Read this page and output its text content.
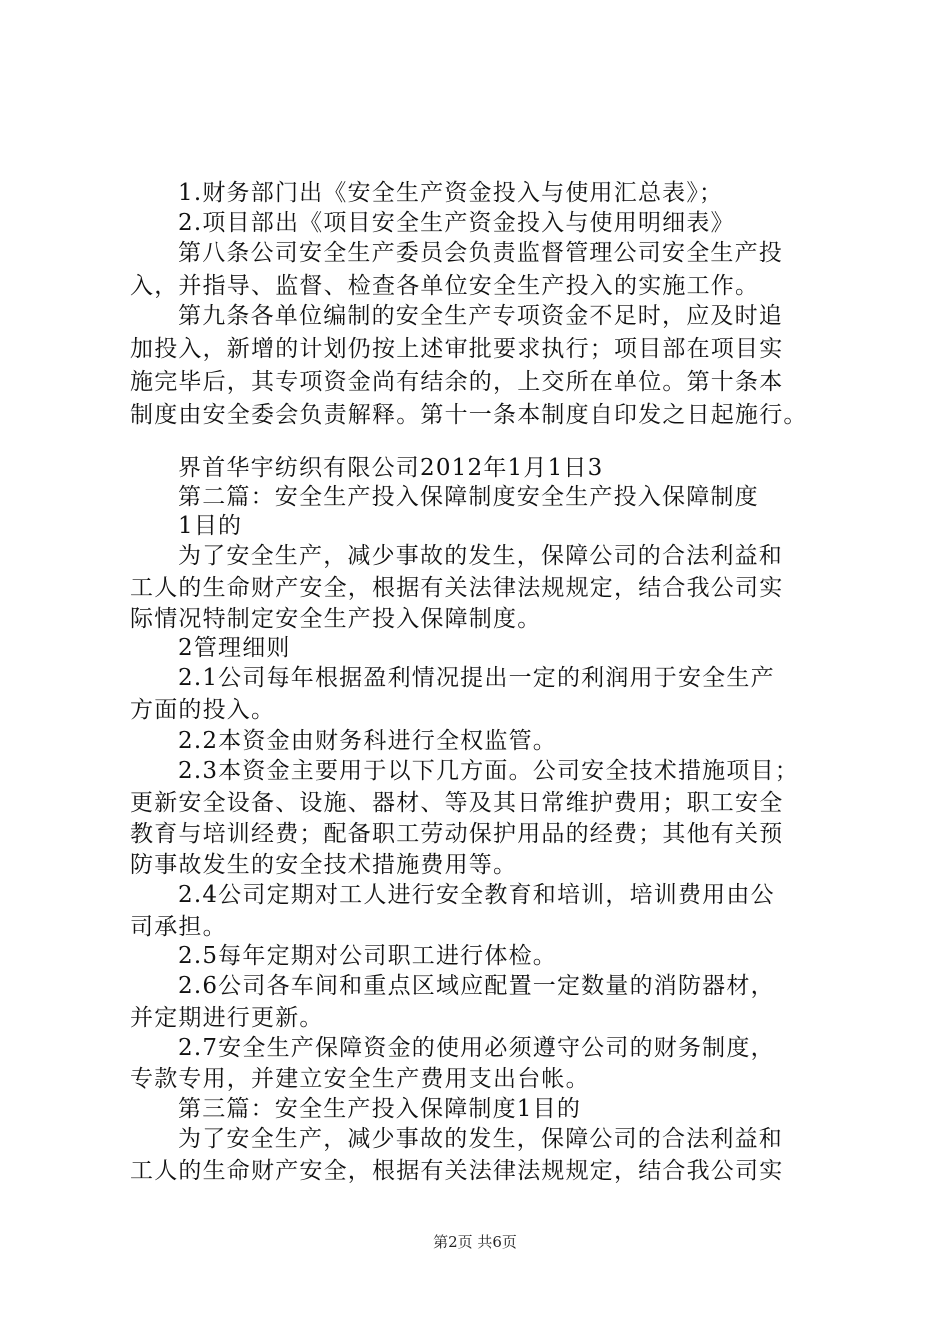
1.财务部门出《安全生产资金投入与使用汇总表》；
2.项目部出《项目安全生产资金投入与使用明细表》
第八条公司安全生产委员会负责监督管理公司安全生产投
入，并指导、监督、检查各单位安全生产投入的实施工作。
第九条各单位编制的安全生产专项资金不足时，应及时追
加投入，新增的计划仍按上述审批要求执行；项目部在项目实
施完毕后，其专项资金尚有结余的，上交所在单位。第十条本
制度由安全委会负责解释。第十一条本制度自印发之日起施行。
界首华宇纺织有限公司2012年1月1日3
第二篇：安全生产投入保障制度安全生产投入保障制度
1目的
为了安全生产，减少事故的发生，保障公司的合法利益和
工人的生命财产安全，根据有关法律法规规定，结合我公司实
际情况特制定安全生产投入保障制度。
2管理细则
2.1公司每年根据盈利情况提出一定的利润用于安全生产
方面的投入。
2.2本资金由财务科进行全权监管。
2.3本资金主要用于以下几方面。公司安全技术措施项目；
更新安全设备、设施、器材、等及其日常维护费用；职工安全
教育与培训经费；配备职工劳动保护用品的经费；其他有关预
防事故发生的安全技术措施费用等。
2.4公司定期对工人进行安全教育和培训，培训费用由公
司承担。
2.5每年定期对公司职工进行体检。
2.6公司各车间和重点区域应配置一定数量的消防器材，
并定期进行更新。
2.7安全生产保障资金的使用必须遵守公司的财务制度，
专款专用，并建立安全生产费用支出台帐。
第三篇：安全生产投入保障制度1目的
为了安全生产，减少事故的发生，保障公司的合法利益和
工人的生命财产安全，根据有关法律法规规定，结合我公司实
第2页 共6页
